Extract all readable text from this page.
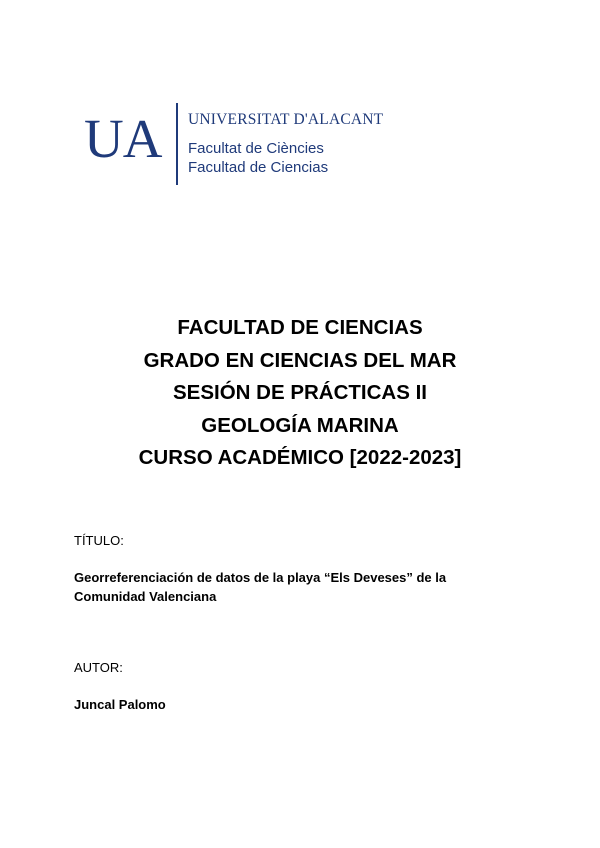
UA UNIVERSITAT D'ALACANT
Facultat de Ciències
Facultad de Ciencias
FACULTAD DE CIENCIAS
GRADO EN CIENCIAS DEL MAR
SESIÓN DE PRÁCTICAS II
GEOLOGÍA MARINA
CURSO ACADÉMICO [2022-2023]
TÍTULO:
Georreferenciación de datos de la playa “Els Deveses” de la
Comunidad Valenciana
AUTOR:
Juncal Palomo
